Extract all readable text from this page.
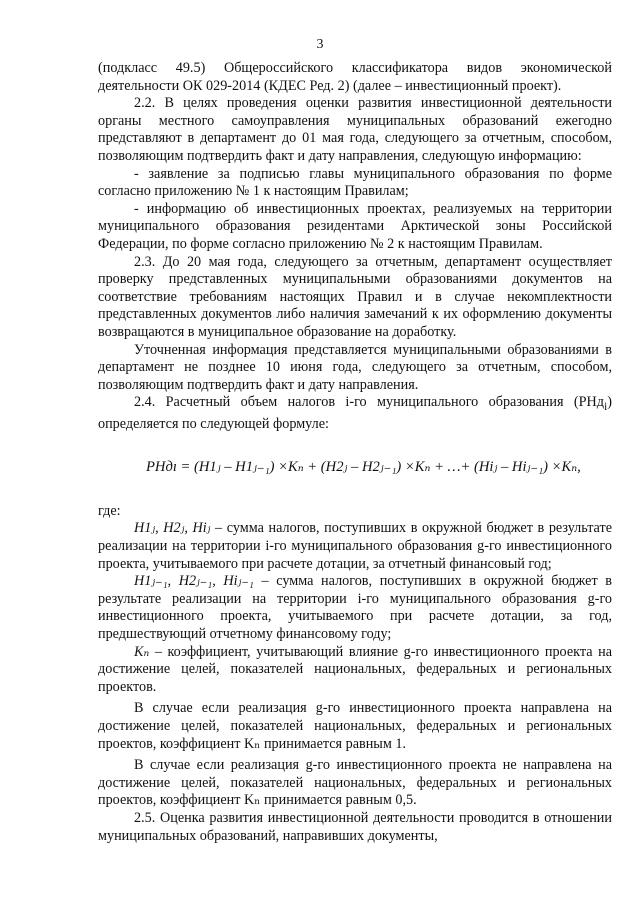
3

(подкласс 49.5) Общероссийского классификатора видов экономической деятельности ОК 029-2014 (КДЕС Ред. 2) (далее – инвестиционный проект).

2.2. В целях проведения оценки развития инвестиционной деятельности органы местного самоуправления муниципальных образований ежегодно представляют в департамент до 01 мая года, следующего за отчетным, способом, позволяющим подтвердить факт и дату направления, следующую информацию:

- заявление за подписью главы муниципального образования по форме согласно приложению № 1 к настоящим Правилам;

- информацию об инвестиционных проектах, реализуемых на территории муниципального образования резидентами Арктической зоны Российской Федерации, по форме согласно приложению № 2 к настоящим Правилам.

2.3. До 20 мая года, следующего за отчетным, департамент осуществляет проверку представленных муниципальными образованиями документов на соответствие требованиям настоящих Правил и в случае некомплектности представленных документов либо наличия замечаний к их оформлению документы возвращаются в муниципальное образование на доработку.

Уточненная информация представляется муниципальными образованиями в департамент не позднее 10 июня года, следующего за отчетным, способом, позволяющим подтвердить факт и дату направления.

2.4. Расчетный объем налогов i-го муниципального образования (РНд$_i$) определяется по следующей формуле:

РНдı = (Н1ⱼ – Н1ⱼ₋₁) ×Kₙ + (Н2ⱼ – Н2ⱼ₋₁) ×Kₙ + …+ (Нiⱼ – Нiⱼ₋₁) ×Kₙ,

где:

Н1ⱼ, Н2ⱼ, Нiⱼ – сумма налогов, поступивших в окружной бюджет в результате реализации на территории i-го муниципального образования g-го инвестиционного проекта, учитываемого при расчете дотации, за отчетный финансовый год;

Н1ⱼ₋₁, Н2ⱼ₋₁, Нiⱼ₋₁ – сумма налогов, поступивших в окружной бюджет в результате реализации на территории i-го муниципального образования g-го инвестиционного проекта, учитываемого при расчете дотации, за год, предшествующий отчетному финансовому году;

Kₙ – коэффициент, учитывающий влияние g-го инвестиционного проекта на достижение целей, показателей национальных, федеральных и региональных проектов.

В случае если реализация g-го инвестиционного проекта направлена на достижение целей, показателей национальных, федеральных и региональных проектов, коэффициент Kₙ принимается равным 1.

В случае если реализация g-го инвестиционного проекта не направлена на достижение целей, показателей национальных, федеральных и региональных проектов, коэффициент Kₙ принимается равным 0,5.

2.5. Оценка развития инвестиционной деятельности проводится в отношении муниципальных образований, направивших документы,
